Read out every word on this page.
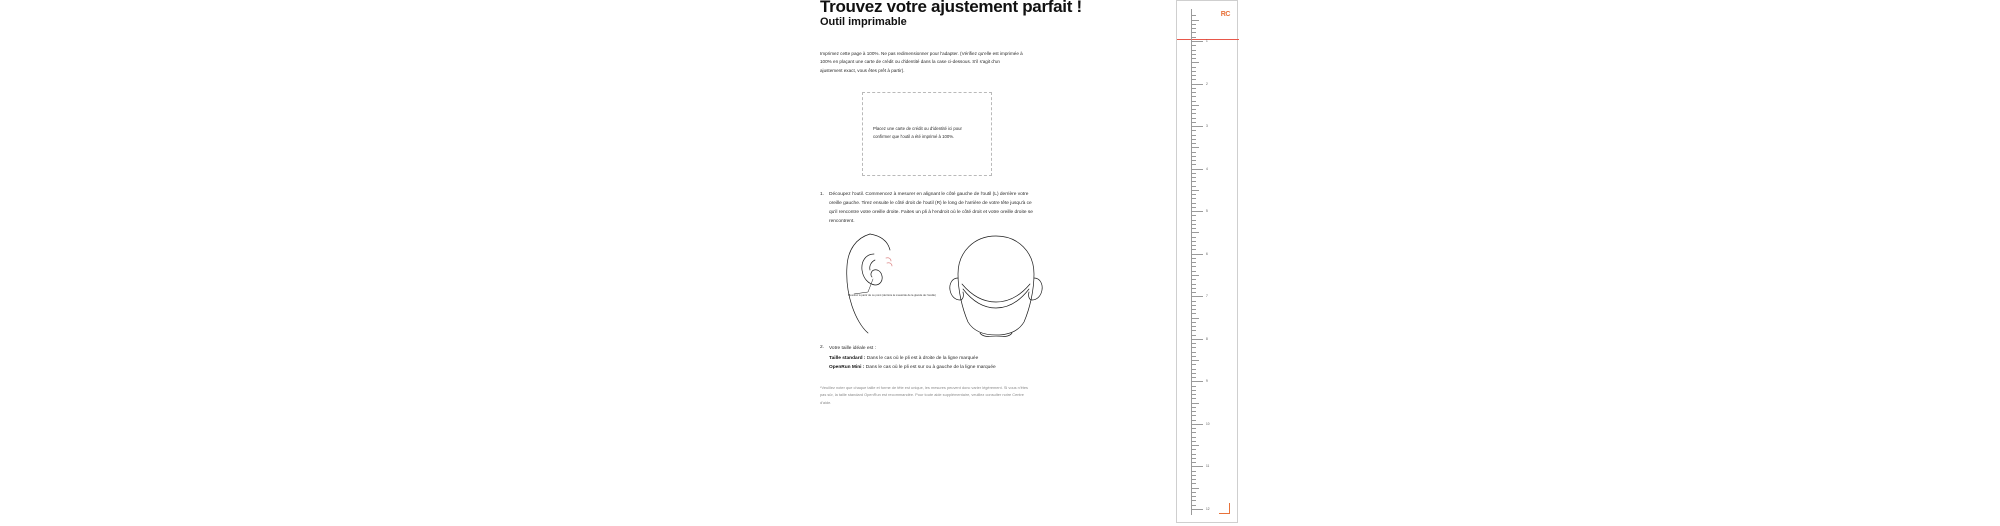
Trouvez votre ajustement parfait !
Outil imprimable
Imprimez cette page à 100%. Ne pas redimensionner pour l'adapter. (Vérifiez qu'elle est imprimée à 100% en plaçant une carte de crédit ou d'identité dans la case ci-dessous. S'il s'agit d'un ajustement exact, vous êtes prêt à partir).
Placez une carte de crédit ou d'identité ici pour confirmer que l'outil a été imprimé à 100%.
1.	Découpez l'outil. Commencez à mesurer en alignant le côté gauche de l'outil (L) derrière votre oreille gauche. Tirez ensuite le côté droit de l'outil (R) le long de l'arrière de votre tête jusqu'à ce qu'il rencontre votre oreille droite. Faites un pli à l'endroit où le côté droit et votre oreille droite se rencontrent.
Mesurez à partir de ce point (derrière la mastoïde de la glande de l'oreille)
2.	Votre taille idéale est :
Taille standard : Dans le cas où le pli est à droite de la ligne marquée
OpenRun Mini : Dans le cas où le pli est sur ou à gauche de la ligne marquée
*Veuillez noter que chaque taille et forme de tête est unique, les mesures peuvent donc varier légèrement. Si vous n'êtes pas sûr, la taille standard OpenRun est recommandée. Pour toute aide supplémentaire, veuillez consulter notre Centre d'aide.
RC
1
2
3
4
5
6
7
8
9
10
11
12
